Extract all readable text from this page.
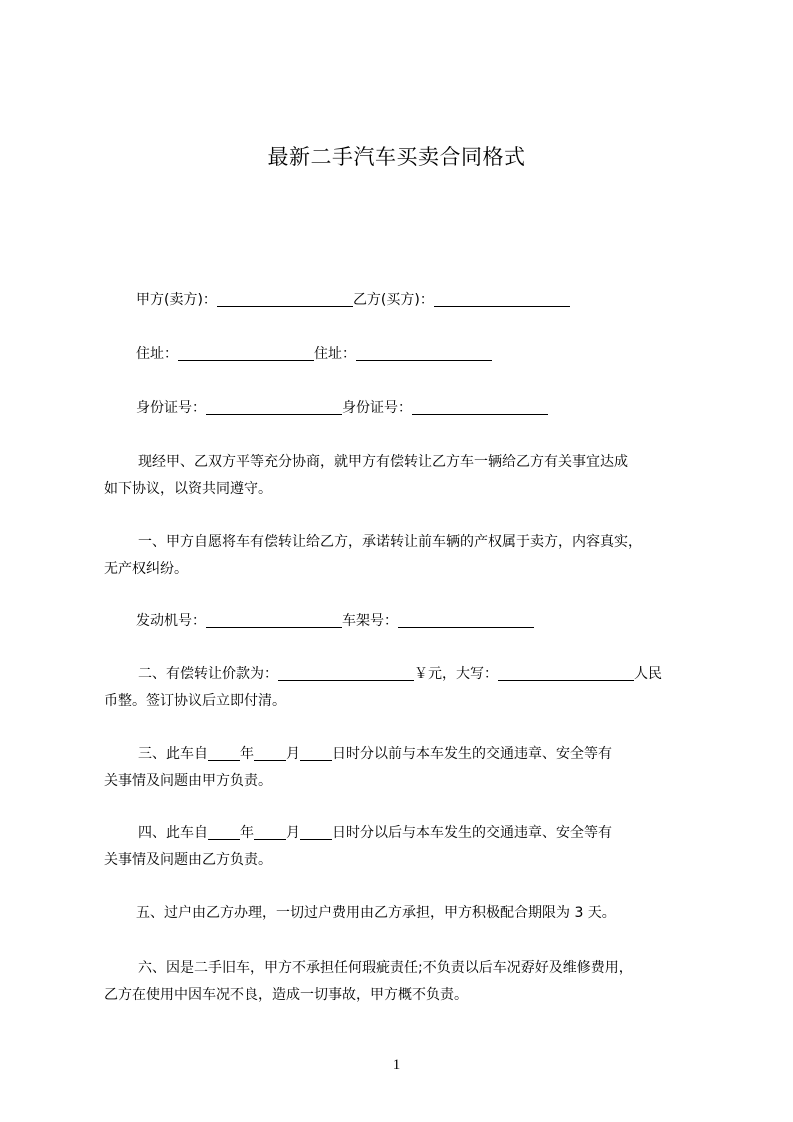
最新二手汽车买卖合同格式
甲方(卖方)：	乙方(买方)：
住址：	住址：
身份证号：	身份证号：
现经甲、乙双方平等充分协商，就甲方有偿转让乙方车一辆给乙方有关事宜达成
如下协议，以资共同遵守。
一、甲方自愿将车有偿转让给乙方，承诺转让前车辆的产权属于卖方，内容真实，
无产权纠纷。
发动机号：	车架号：
二、有偿转让价款为：	￥元，大写：	人民
币整。签订协议后立即付清。
三、此车自 年 月 日时分以前与本车发生的交通违章、安全等有
关事情及问题由甲方负责。
四、此车自 年 月 日时分以后与本车发生的交通违章、安全等有
关事情及问题由乙方负责。
五、过户由乙方办理，一切过户费用由乙方承担，甲方积极配合期限为 3 天。
六、因是二手旧车，甲方不承担任何瑕疵责任;不负责以后车况孬好及维修费用，
乙方在使用中因车况不良，造成一切事故，甲方概不负责。
1
